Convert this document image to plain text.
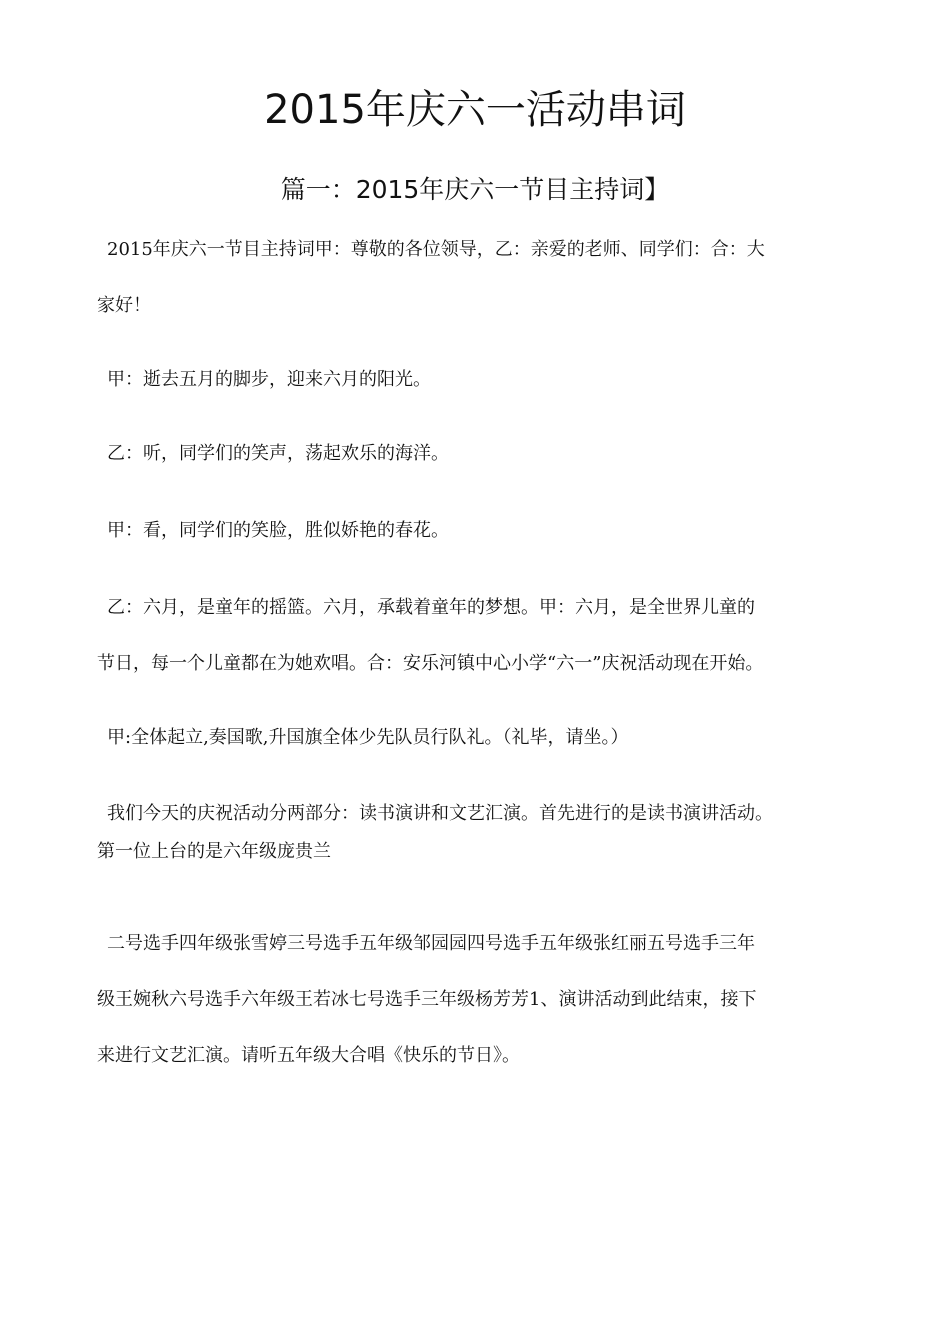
2015年庆六一活动串词
篇一：2015年庆六一节目主持词】

2015年庆六一节目主持词甲：尊敬的各位领导，乙：亲爱的老师、同学们：合：大
家好！

甲：逝去五月的脚步，迎来六月的阳光。

乙：听，同学们的笑声，荡起欢乐的海洋。

甲：看，同学们的笑脸，胜似娇艳的春花。

乙：六月，是童年的摇篮。六月，承载着童年的梦想。甲：六月，是全世界儿童的
节日，每一个儿童都在为她欢唱。合：安乐河镇中心小学“六一”庆祝活动现在开始。

甲:全体起立,奏国歌,升国旗全体少先队员行队礼。（礼毕，请坐。）

我们今天的庆祝活动分两部分：读书演讲和文艺汇演。首先进行的是读书演讲活动。
第一位上台的是六年级庞贵兰

二号选手四年级张雪婷三号选手五年级邹园园四号选手五年级张红丽五号选手三年
级王婉秋六号选手六年级王若冰七号选手三年级杨芳芳1、演讲活动到此结束，接下
来进行文艺汇演。请听五年级大合唱《快乐的节日》。
